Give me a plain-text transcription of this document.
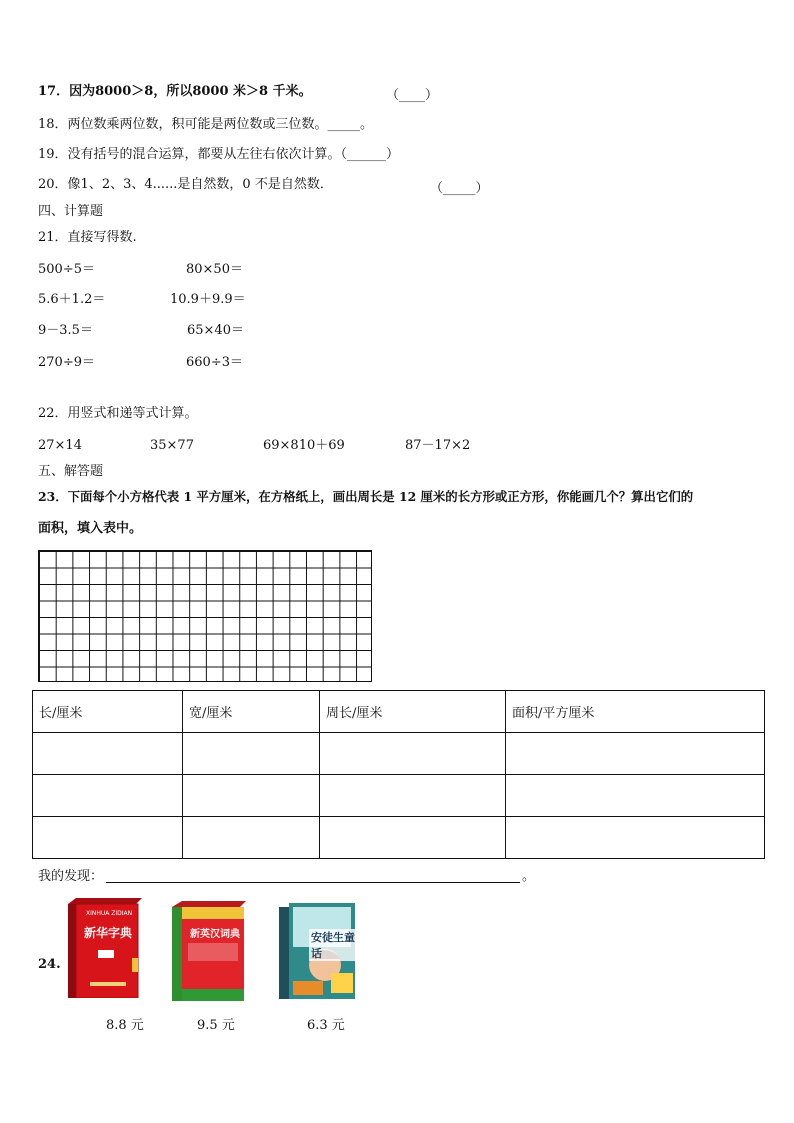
17．因为8000＞8，所以8000 米＞8 千米。	（____）
18．两位数乘两位数，积可能是两位数或三位数。_____。
19．没有括号的混合运算，都要从左往右依次计算。（______）
20．像1、2、3、4......是自然数，0 不是自然数．	（_____）
四、计算题
21．直接写得数.
500÷5＝	80×50＝
5.6＋1.2＝	10.9＋9.9＝
9－3.5＝	65×40＝
270÷9＝	660÷3＝
22．用竖式和递等式计算。
27×14	35×77	69×810＋69	87－17×2
五、解答题
23．下面每个小方格代表 1 平方厘米，在方格纸上，画出周长是 12 厘米的长方形或正方形，你能画几个？算出它们的
面积，填入表中。
长/厘米	宽/厘米	周长/厘米	面积/平方厘米

我的发现：	。
24.
XINHUA ZIDIAN
新华字典
8.8 元
新英汉词典
9.5 元
安徒生童话
6.3 元
